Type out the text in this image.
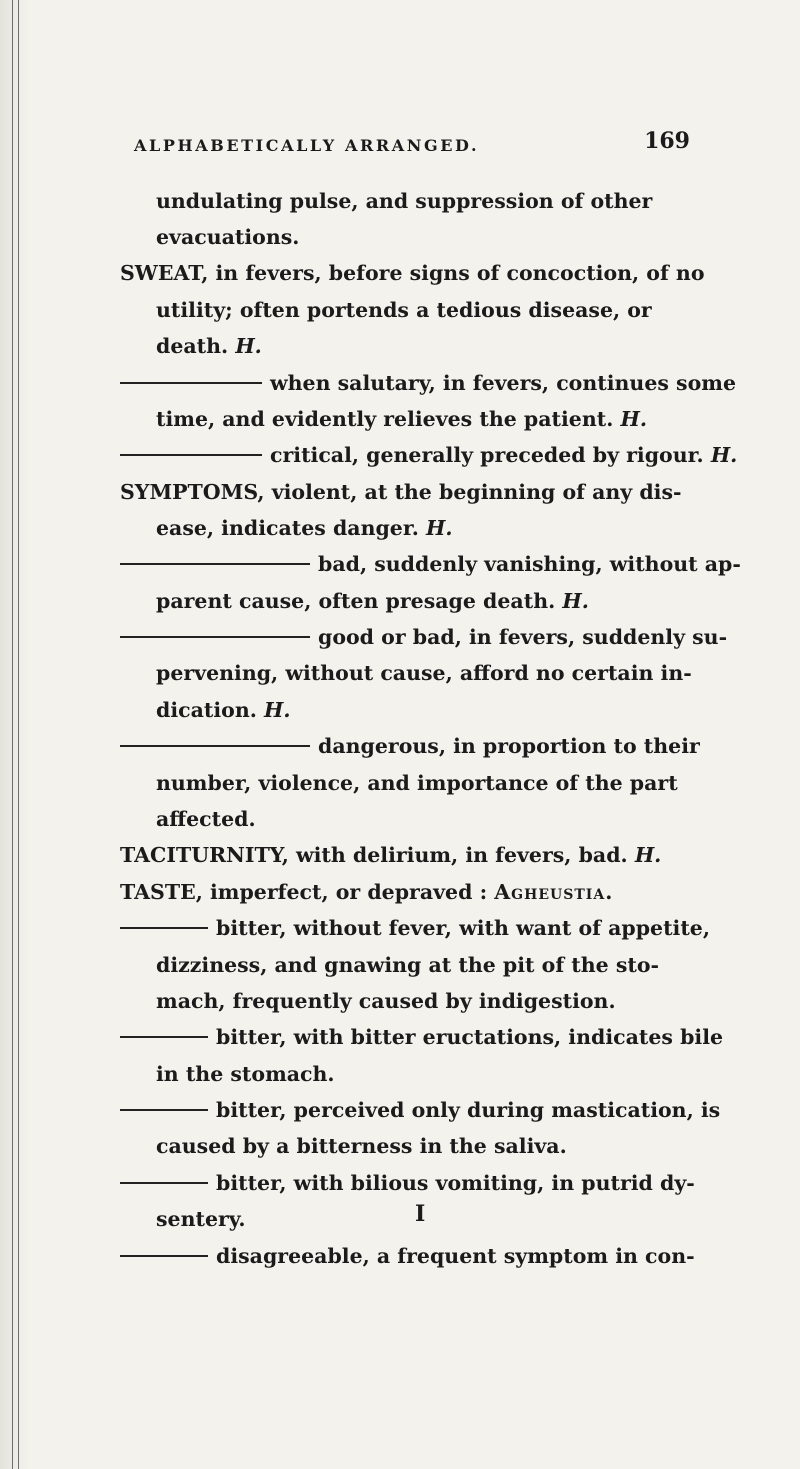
ALPHABETICALLY ARRANGED.	169
undulating pulse, and suppression of other
evacuations.
SWEAT, in fevers, before signs of concoction, of no
utility; often portends a tedious disease, or
death. H.
when salutary, in fevers, continues some
time, and evidently relieves the patient. H.
critical, generally preceded by rigour. H.
SYMPTOMS, violent, at the beginning of any dis-
ease, indicates danger. H.
bad, suddenly vanishing, without ap-
parent cause, often presage death. H.
good or bad, in fevers, suddenly su-
pervening, without cause, afford no certain in-
dication. H.
dangerous, in proportion to their
number, violence, and importance of the part
affected.
TACITURNITY, with delirium, in fevers, bad. H.
TASTE, imperfect, or depraved : Agheustia.
bitter, without fever, with want of appetite,
dizziness, and gnawing at the pit of the sto-
mach, frequently caused by indigestion.
bitter, with bitter eructations, indicates bile
in the stomach.
bitter, perceived only during mastication, is
caused by a bitterness in the saliva.
bitter, with bilious vomiting, in putrid dy-
sentery.
disagreeable, a frequent symptom in con-
I
